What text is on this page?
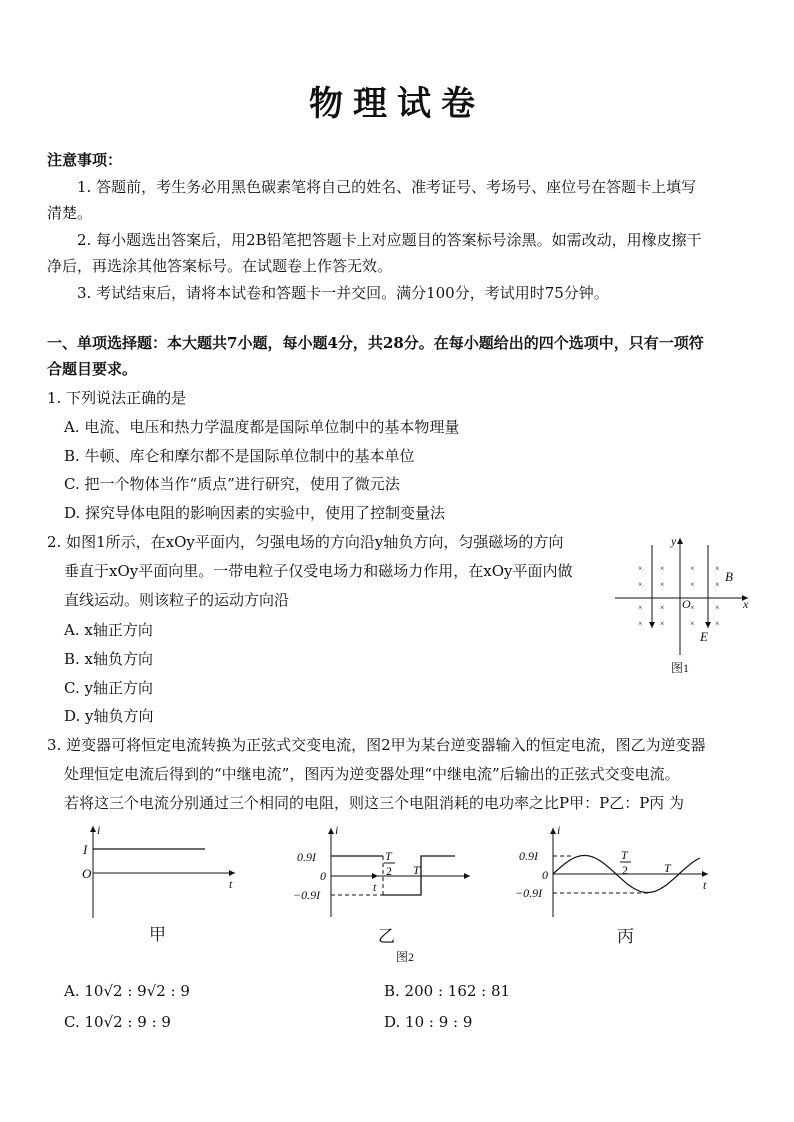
物理试卷
注意事项：
1. 答题前，考生务必用黑色碳素笔将自己的姓名、准考证号、考场号、座位号在答题卡上填写
清楚。
2. 每小题选出答案后，用2B铅笔把答题卡上对应题目的答案标号涂黑。如需改动，用橡皮擦干
净后，再选涂其他答案标号。在试题卷上作答无效。
3. 考试结束后，请将本试卷和答题卡一并交回。满分100分，考试用时75分钟。
一、单项选择题：本大题共7小题，每小题4分，共28分。在每小题给出的四个选项中，只有一项符
合题目要求。
1. 下列说法正确的是
A. 电流、电压和热力学温度都是国际单位制中的基本物理量
B. 牛顿、库仑和摩尔都不是国际单位制中的基本单位
C. 把一个物体当作“质点”进行研究，使用了微元法
D. 探究导体电阻的影响因素的实验中，使用了控制变量法
2. 如图1所示，在xOy平面内，匀强电场的方向沿y轴负方向，匀强磁场的方向
垂直于xOy平面向里。一带电粒子仅受电场力和磁场力作用，在xOy平面内做
直线运动。则该粒子的运动方向沿
A. x轴正方向
B. x轴负方向
C. y轴正方向
D. y轴负方向
3. 逆变器可将恒定电流转换为正弦式交变电流，图2甲为某台逆变器输入的恒定电流，图乙为逆变器
处理恒定电流后得到的“中继电流”，图丙为逆变器处理“中继电流”后输出的正弦式交变电流。
若将这三个电流分别通过三个相同的电阻，则这三个电阻消耗的电功率之比P甲：P乙：P丙 为
A. 10√2 : 9√2 : 9	B. 200 : 162 : 81
C. 10√2 : 9 : 9	D. 10 : 9 : 9
×
×
×
×
×
×
×
×
×
×
×
×
×
×
×
×
y
x
O
B
E
图1
i
t
I
O
甲
i
t
0.9I
0
−0.9I
T
2 T
乙
图2
i
t
0.9I
0
−0.9I
T
2	T
丙
